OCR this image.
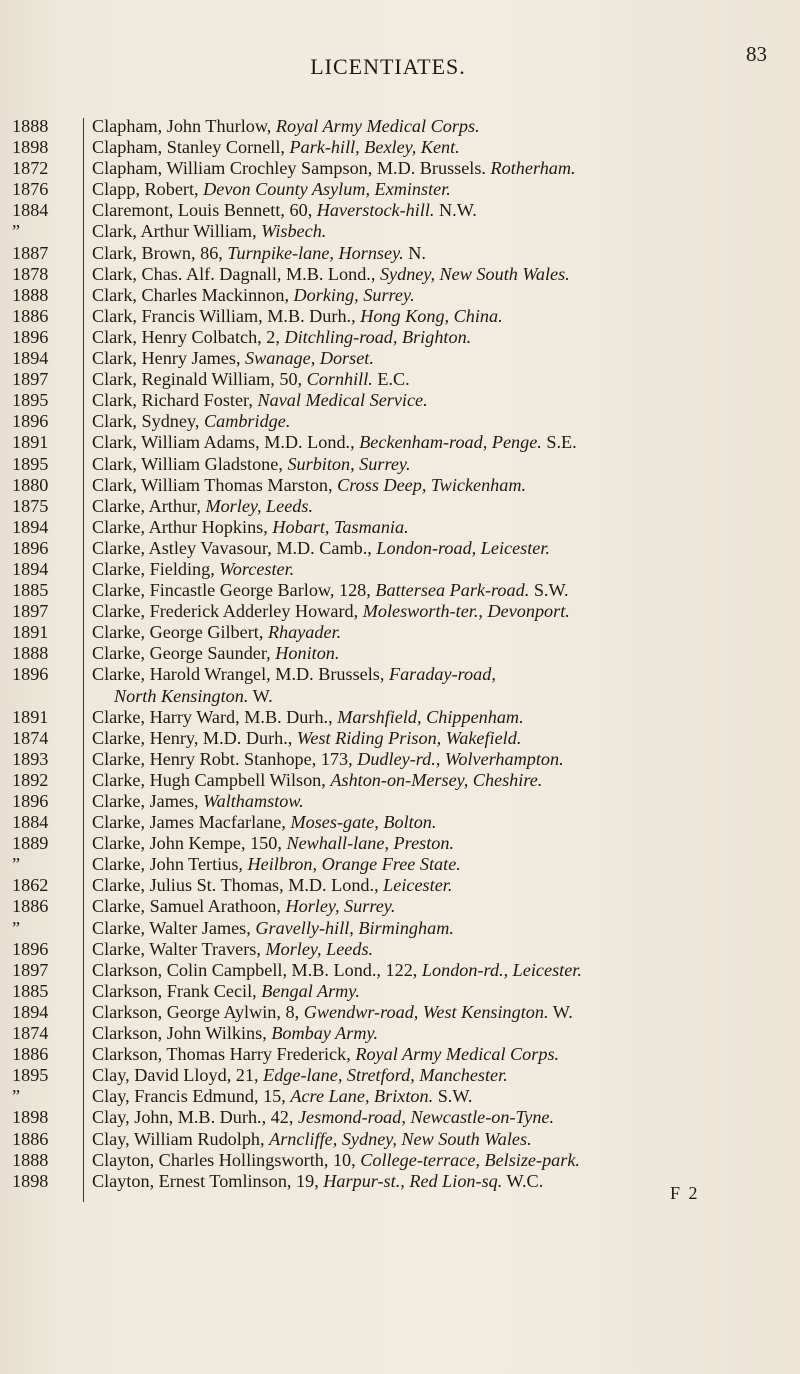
LICENTIATES.	83
1888	Clapham, John Thurlow, Royal Army Medical Corps.
1898	Clapham, Stanley Cornell, Park-hill, Bexley, Kent.
1872	Clapham, William Crochley Sampson, M.D. Brussels. Rotherham.
1876	Clapp, Robert, Devon County Asylum, Exminster.
1884	Claremont, Louis Bennett, 60, Haverstock-hill. N.W.
”	Clark, Arthur William, Wisbech.
1887	Clark, Brown, 86, Turnpike-lane, Hornsey. N.
1878	Clark, Chas. Alf. Dagnall, M.B. Lond., Sydney, New South Wales.
1888	Clark, Charles Mackinnon, Dorking, Surrey.
1886	Clark, Francis William, M.B. Durh., Hong Kong, China.
1896	Clark, Henry Colbatch, 2, Ditchling-road, Brighton.
1894	Clark, Henry James, Swanage, Dorset.
1897	Clark, Reginald William, 50, Cornhill. E.C.
1895	Clark, Richard Foster, Naval Medical Service.
1896	Clark, Sydney, Cambridge.
1891	Clark, William Adams, M.D. Lond., Beckenham-road, Penge. S.E.
1895	Clark, William Gladstone, Surbiton, Surrey.
1880	Clark, William Thomas Marston, Cross Deep, Twickenham.
1875	Clarke, Arthur, Morley, Leeds.
1894	Clarke, Arthur Hopkins, Hobart, Tasmania.
1896	Clarke, Astley Vavasour, M.D. Camb., London-road, Leicester.
1894	Clarke, Fielding, Worcester.
1885	Clarke, Fincastle George Barlow, 128, Battersea Park-road. S.W.
1897	Clarke, Frederick Adderley Howard, Molesworth-ter., Devonport.
1891	Clarke, George Gilbert, Rhayader.
1888	Clarke, George Saunder, Honiton.
1896	Clarke, Harold Wrangel, M.D. Brussels, Faraday-road,
North Kensington. W.
1891	Clarke, Harry Ward, M.B. Durh., Marshfield, Chippenham.
1874	Clarke, Henry, M.D. Durh., West Riding Prison, Wakefield.
1893	Clarke, Henry Robt. Stanhope, 173, Dudley-rd., Wolverhampton.
1892	Clarke, Hugh Campbell Wilson, Ashton-on-Mersey, Cheshire.
1896	Clarke, James, Walthamstow.
1884	Clarke, James Macfarlane, Moses-gate, Bolton.
1889	Clarke, John Kempe, 150, Newhall-lane, Preston.
”	Clarke, John Tertius, Heilbron, Orange Free State.
1862	Clarke, Julius St. Thomas, M.D. Lond., Leicester.
1886	Clarke, Samuel Arathoon, Horley, Surrey.
”	Clarke, Walter James, Gravelly-hill, Birmingham.
1896	Clarke, Walter Travers, Morley, Leeds.
1897	Clarkson, Colin Campbell, M.B. Lond., 122, London-rd., Leicester.
1885	Clarkson, Frank Cecil, Bengal Army.
1894	Clarkson, George Aylwin, 8, Gwendwr-road, West Kensington. W.
1874	Clarkson, John Wilkins, Bombay Army.
1886	Clarkson, Thomas Harry Frederick, Royal Army Medical Corps.
1895	Clay, David Lloyd, 21, Edge-lane, Stretford, Manchester.
”	Clay, Francis Edmund, 15, Acre Lane, Brixton. S.W.
1898	Clay, John, M.B. Durh., 42, Jesmond-road, Newcastle-on-Tyne.
1886	Clay, William Rudolph, Arncliffe, Sydney, New South Wales.
1888	Clayton, Charles Hollingsworth, 10, College-terrace, Belsize-park.
1898	Clayton, Ernest Tomlinson, 19, Harpur-st., Red Lion-sq. W.C.
F 2
